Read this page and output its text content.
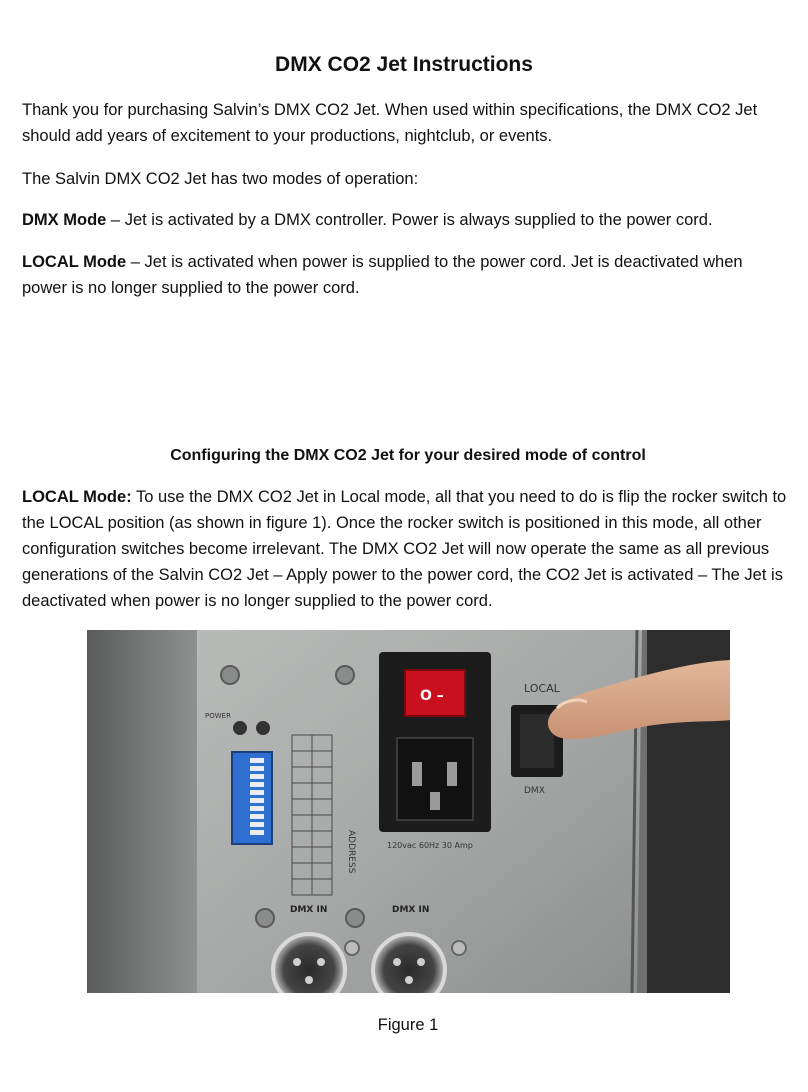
DMX CO2 Jet Instructions

Thank you for purchasing Salvin’s DMX CO2 Jet. When used within specifications, the DMX CO2 Jet should add years of excitement to your productions, nightclub, or events.

The Salvin DMX CO2 Jet has two modes of operation:

DMX Mode – Jet is activated by a DMX controller. Power is always supplied to the power cord.

LOCAL Mode – Jet is activated when power is supplied to the power cord. Jet is deactivated when power is no longer supplied to the power cord.

Configuring the DMX CO2 Jet for your desired mode of control

LOCAL Mode: To use the DMX CO2 Jet in Local mode, all that you need to do is flip the rocker switch to the LOCAL position (as shown in figure 1). Once the rocker switch is positioned in this mode, all other configuration switches become irrelevant. The DMX CO2 Jet will now operate the same as all previous generations of the Salvin CO2 Jet – Apply power to the power cord, the CO2 Jet is activated – The Jet is deactivated when power is no longer supplied to the power cord.

POWER
ADDRESS
O –
120vac 60Hz 30 Amp
LOCAL
DMX
DMX IN	DMX IN

Figure 1
